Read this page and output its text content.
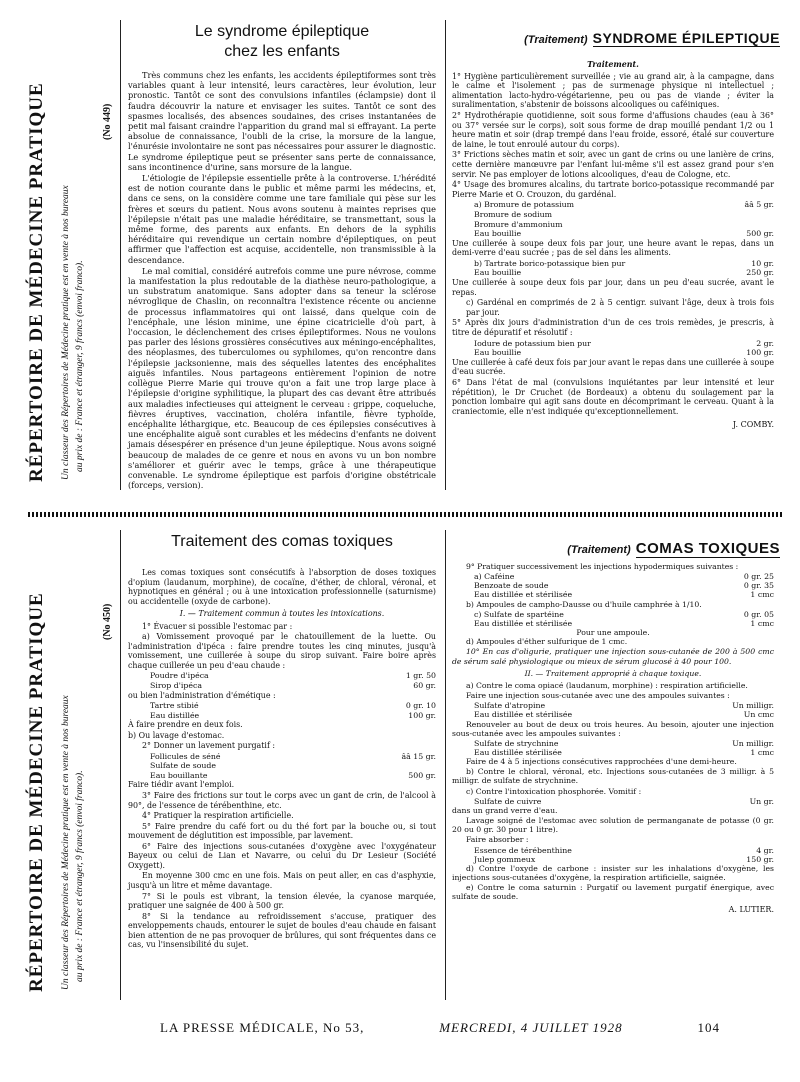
RÉPERTOIRE DE MÉDECINE PRATIQUE Un classeur des Répertoires de Médecine pratique est en vente à nos bureaux au prix de : France et étranger, 9 francs (envoi franco).
(No 449)
Le syndrome épileptique
chez les enfants

Très communs chez les enfants, les accidents épileptiformes sont très variables quant à leur intensité, leurs caractères, leur évolution, leur pronostic. Tantôt ce sont des convulsions infantiles (éclampsie) dont il faudra découvrir la nature et envisager les suites. Tantôt ce sont des spasmes localisés, des absences soudaines, des crises instantanées de petit mal faisant craindre l'apparition du grand mal si effrayant. La perte absolue de connaissance, l'oubli de la crise, la morsure de la langue, l'énurésie involontaire ne sont pas nécessaires pour assurer le diagnostic. Le syndrome épileptique peut se présenter sans perte de connaissance, sans incontinence d'urine, sans morsure de la langue.

L'étiologie de l'épilepsie essentielle prête à la controverse. L'hérédité est de notion courante dans le public et même parmi les médecins, et, dans ce sens, on la considère comme une tare familiale qui pèse sur les frères et sœurs du patient. Nous avons soutenu à maintes reprises que l'épilepsie n'était pas une maladie héréditaire, se transmettant, sous la même forme, des parents aux enfants. En dehors de la syphilis héréditaire qui revendique un certain nombre d'épileptiques, on peut affirmer que l'affection est acquise, accidentelle, non transmissible à la descendance.

Le mal comitial, considéré autrefois comme une pure névrose, comme la manifestation la plus redoutable de la diathèse neuro-pathologique, a un substratum anatomique. Sans adopter dans sa teneur la sclérose névroglique de Chaslin, on reconnaîtra l'existence récente ou ancienne de processus inflammatoires qui ont laissé, dans quelque coin de l'encéphale, une lésion minime, une épine cicatricielle d'où part, à l'occasion, le déclenchement des crises épileptiformes. Nous ne voulons pas parler des lésions grossières consécutives aux méningo-encéphalites, des néoplasmes, des tuberculomes ou syphilomes, qu'on rencontre dans l'épilepsie jacksonienne, mais des séquelles latentes des encéphalites aiguës infantiles. Nous partageons entièrement l'opinion de notre collègue Pierre Marie qui trouve qu'on a fait une trop large place à l'épilepsie d'origine syphilitique, la plupart des cas devant être attribués aux maladies infectieuses qui atteignent le cerveau : grippe, coqueluche, fièvres éruptives, vaccination, choléra infantile, fièvre typhoïde, encéphalite léthargique, etc. Beaucoup de ces épilepsies consécutives à une encéphalite aiguë sont curables et les médecins d'enfants ne doivent jamais désespérer en présence d'un jeune épileptique. Nous avons soigné beaucoup de malades de ce genre et nous en avons vu un bon nombre s'améliorer et guérir avec le temps, grâce à une thérapeutique convenable. Le syndrome épileptique est parfois d'origine obstétricale (forceps, version).

(Traitement) SYNDROME ÉPILEPTIQUE
Traitement.

1° Hygiène particulièrement surveillée ; vie au grand air, à la campagne, dans le calme et l'isolement ; pas de surmenage physique ni intellectuel ; alimentation lacto-hydro-végétarienne, peu ou pas de viande ; éviter la suralimentation, s'abstenir de boissons alcooliques ou caféiniques.

2° Hydrothérapie quotidienne, soit sous forme d'affusions chaudes (eau à 36° ou 37° versée sur le corps), soit sous forme de drap mouillé pendant 1/2 ou 1 heure matin et soir (drap trempé dans l'eau froide, essoré, étalé sur couverture de laine, le tout enroulé autour du corps).

3° Frictions sèches matin et soir, avec un gant de crins ou une lanière de crins, cette dernière manœuvre par l'enfant lui-même s'il est assez grand pour s'en servir. Ne pas employer de lotions alcooliques, d'eau de Cologne, etc.

4° Usage des bromures alcalins, du tartrate borico-potassique recommandé par Pierre Marie et O. Crouzon, du gardénal.

a) Bromure de potassium	ââ 5 gr.
Bromure de sodium
Bromure d'ammonium
Eau bouillie	500 gr.

Une cuillerée à soupe deux fois par jour, une heure avant le repas, dans un demi-verre d'eau sucrée ; pas de sel dans les aliments.

b) Tartrate borico-potassique bien pur	10 gr.
Eau bouillie	250 gr.

Une cuillerée à soupe deux fois par jour, dans un peu d'eau sucrée, avant le repas.

c) Gardénal en comprimés de 2 à 5 centigr. suivant l'âge, deux à trois fois par jour.

5° Après dix jours d'administration d'un de ces trois remèdes, je prescris, à titre de dépuratif et résolutif :

Iodure de potassium bien pur	2 gr.
Eau bouillie	100 gr.

Une cuillerée à café deux fois par jour avant le repas dans une cuillerée à soupe d'eau sucrée.

6° Dans l'état de mal (convulsions inquiétantes par leur intensité et leur répétition), le Dr Cruchet (de Bordeaux) a obtenu du soulagement par la ponction lombaire qui agit sans doute en décomprimant le cerveau. Quant à la craniectomie, elle n'est indiquée qu'exceptionnellement.

J. COMBY.
RÉPERTOIRE DE MÉDECINE PRATIQUE Un classeur des Répertoires de Médecine pratique est en vente à nos bureaux au prix de : France et étranger, 9 francs (envoi franco).
(No 450)
Traitement des comas toxiques

Les comas toxiques sont consécutifs à l'absorption de doses toxiques d'opium (laudanum, morphine), de cocaïne, d'éther, de chloral, véronal, et hypnotiques en général ; ou à une intoxication professionnelle (saturnisme) ou accidentelle (oxyde de carbone).

I. — Traitement commun à toutes les intoxications.

1° Évacuer si possible l'estomac par :

a) Vomissement provoqué par le chatouillement de la luette. Ou l'administration d'ipéca : faire prendre toutes les cinq minutes, jusqu'à vomissement, une cuillerée à soupe du sirop suivant. Faire boire après chaque cuillerée un peu d'eau chaude :

Poudre d'ipéca	1 gr. 50
Sirop d'ipéca	60 gr.

ou bien l'administration d'émétique :

Tartre stibié	0 gr. 10
Eau distillée	100 gr.

À faire prendre en deux fois.

b) Ou lavage d'estomac.

2° Donner un lavement purgatif :

Follicules de séné	ââ 15 gr.
Sulfate de soude
Eau bouillante	500 gr.

Faire tiédir avant l'emploi.

3° Faire des frictions sur tout le corps avec un gant de crin, de l'alcool à 90°, de l'essence de térébenthine, etc.

4° Pratiquer la respiration artificielle.

5° Faire prendre du café fort ou du thé fort par la bouche ou, si tout mouvement de déglutition est impossible, par lavement.

6° Faire des injections sous-cutanées d'oxygène avec l'oxygénateur Bayeux ou celui de Lian et Navarre, ou celui du Dr Lesieur (Société Oxygett).

En moyenne 300 cmc en une fois. Mais on peut aller, en cas d'asphyxie, jusqu'à un litre et même davantage.

7° Si le pouls est vibrant, la tension élevée, la cyanose marquée, pratiquer une saignée de 400 à 500 gr.

8° Si la tendance au refroidissement s'accuse, pratiquer des enveloppements chauds, entourer le sujet de boules d'eau chaude en faisant bien attention de ne pas provoquer de brûlures, qui sont fréquentes dans ce cas, vu l'insensibilité du sujet.

(Traitement) COMAS TOXIQUES

9° Pratiquer successivement les injections hypodermiques suivantes :

a) Caféine	0 gr. 25
Benzoate de soude	0 gr. 35
Eau distillée et stérilisée	1 cmc

b) Ampoules de campho-Dausse ou d'huile camphrée à 1/10.

c) Sulfate de spartéine	0 gr. 05
Eau distillée et stérilisée	1 cmc
Pour une ampoule.

d) Ampoules d'éther sulfurique de 1 cmc.

10° En cas d'oligurie, pratiquer une injection sous-cutanée de 200 à 500 cmc de sérum salé physiologique ou mieux de sérum glucosé à 40 pour 100.

II. — Traitement approprié à chaque toxique.

a) Contre le coma opiacé (laudanum, morphine) : respiration artificielle.

Faire une injection sous-cutanée avec une des ampoules suivantes :

Sulfate d'atropine	Un milligr.
Eau distillée et stérilisée	Un cmc

Renouveler au bout de deux ou trois heures. Au besoin, ajouter une injection sous-cutanée avec les ampoules suivantes :

Sulfate de strychnine	Un milligr.
Eau distillée stérilisée	1 cmc

Faire de 4 à 5 injections consécutives rapprochées d'une demi-heure.

b) Contre le chloral, véronal, etc. Injections sous-cutanées de 3 milligr. à 5 milligr. de sulfate de strychnine.

c) Contre l'intoxication phosphorée. Vomitif :

Sulfate de cuivre	Un gr.

dans un grand verre d'eau.

Lavage soigné de l'estomac avec solution de permanganate de potasse (0 gr. 20 ou 0 gr. 30 pour 1 litre).

Faire absorber :

Essence de térébenthine	4 gr.
Julep gommeux	150 gr.

d) Contre l'oxyde de carbone : insister sur les inhalations d'oxygène, les injections sous-cutanées d'oxygène, la respiration artificielle, saignée.

e) Contre le coma saturnin : Purgatif ou lavement purgatif énergique, avec sulfate de soude.

A. LUTIER.
LA PRESSE MÉDICALE, No 53,	MERCREDI, 4 JUILLET 1928	104
